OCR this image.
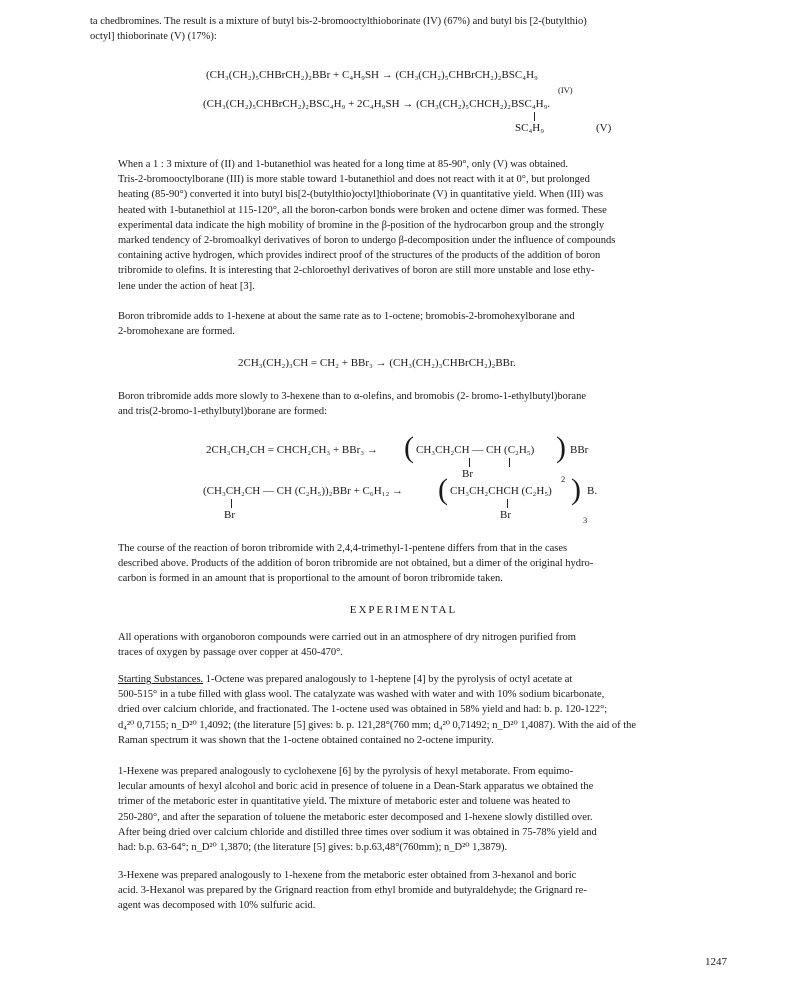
ta chedbromines. The result is a mixture of butyl bis-2-bromooctylthioborinate (IV) (67%) and butyl bis [2-(butylthio)
octyl] thioborinate (V) (17%):
(CH₃(CH₂)₅CHBrCH₂)₂BBr + C₄H₉SH → (CH₃(CH₂)₅CHBrCH₂)₂BSC₄H₉
(IV)
(CH₃(CH₂)₅CHBrCH₂)₂BSC₄H₉ + 2C₄H₉SH → (CH₃(CH₂)₅CHCH₂)₂BSC₄H₉.
SC₄H₉	(V)
When a 1 : 3 mixture of (II) and 1-butanethiol was heated for a long time at 85-90°, only (V) was obtained.
Tris-2-bromooctylborane (III) is more stable toward 1-butanethiol and does not react with it at 0°, but prolonged
heating (85-90°) converted it into butyl bis[2-(butylthio)octyl]thioborinate (V) in quantitative yield. When (III) was
heated with 1-butanethiol at 115-120°, all the boron-carbon bonds were broken and octene dimer was formed. These
experimental data indicate the high mobility of bromine in the β-position of the hydrocarbon group and the strongly
marked tendency of 2-bromoalkyl derivatives of boron to undergo β-decomposition under the influence of compounds
containing active hydrogen, which provides indirect proof of the structures of the products of the addition of boron
tribromide to olefins. It is interesting that 2-chloroethyl derivatives of boron are still more unstable and lose ethy-
lene under the action of heat [3].
Boron tribromide adds to 1-hexene at about the same rate as to 1-octene; bromobis-2-bromohexylborane and
2-bromohexane are formed.
2CH₃(CH₂)₃CH = CH₂ + BBr₃ → (CH₃(CH₂)₃CHBrCH₂)₂BBr.
Boron tribromide adds more slowly to 3-hexene than to α-olefins, and bromobis (2- bromo-1-ethylbutyl)borane
and tris(2-bromo-1-ethylbutyl)borane are formed:
2CH₃CH₂CH = CHCH₂CH₃ + BBr₃ → ( CH₃CH₂CH — CH (C₂H₅) ) BBr
Br	2
(CH₃CH₂CH — CH (C₂H₅))₂BBr + C₆H₁₂ → ( CH₃CH₂CHCH (C₂H₅) ) B.
Br	Br	3
The course of the reaction of boron tribromide with 2,4,4-trimethyl-1-pentene differs from that in the cases
described above. Products of the addition of boron tribromide are not obtained, but a dimer of the original hydro-
carbon is formed in an amount that is proportional to the amount of boron tribromide taken.
EXPERIMENTAL
All operations with organoboron compounds were carried out in an atmosphere of dry nitrogen purified from
traces of oxygen by passage over copper at 450-470°.
Starting Substances. 1-Octene was prepared analogously to 1-heptene [4] by the pyrolysis of octyl acetate at
500-515° in a tube filled with glass wool. The catalyzate was washed with water and with 10% sodium bicarbonate,
dried over calcium chloride, and fractionated. The 1-octene used was obtained in 58% yield and had: b. p. 120-122°;
d₄²⁰ 0,7155; n_D²⁰ 1,4092; (the literature [5] gives: b. p. 121,28°(760 mm; d₄²⁰ 0,71492; n_D²⁰ 1,4087). With the aid of the
Raman spectrum it was shown that the 1-octene obtained contained no 2-octene impurity.
1-Hexene was prepared analogously to cyclohexene [6] by the pyrolysis of hexyl metaborate. From equimo-
lecular amounts of hexyl alcohol and boric acid in presence of toluene in a Dean-Stark apparatus we obtained the
trimer of the metaboric ester in quantitative yield. The mixture of metaboric ester and toluene was heated to
250-280°, and after the separation of toluene the metaboric ester decomposed and 1-hexene slowly distilled over.
After being dried over calcium chloride and distilled three times over sodium it was obtained in 75-78% yield and
had: b.p. 63-64°; n_D²⁰ 1,3870; (the literature [5] gives: b.p.63,48°(760mm); n_D²⁰ 1,3879).
3-Hexene was prepared analogously to 1-hexene from the metaboric ester obtained from 3-hexanol and boric
acid. 3-Hexanol was prepared by the Grignard reaction from ethyl bromide and butyraldehyde; the Grignard re-
agent was decomposed with 10% sulfuric acid.
1247
